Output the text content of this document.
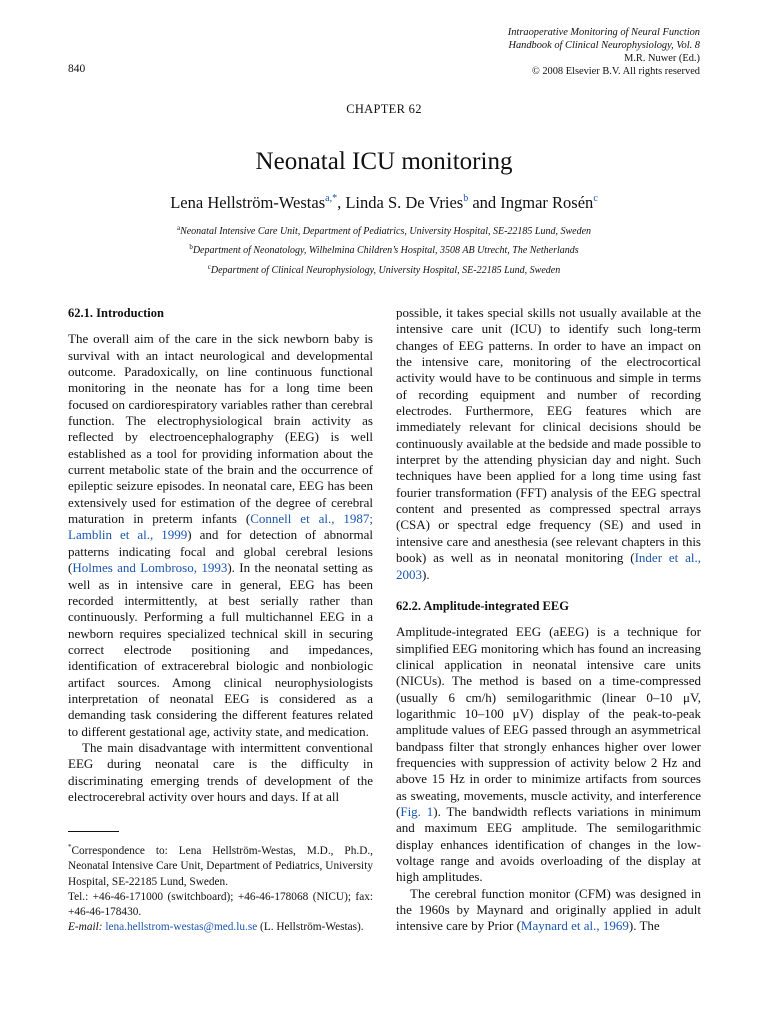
Intraoperative Monitoring of Neural Function
Handbook of Clinical Neurophysiology, Vol. 8
M.R. Nuwer (Ed.)
© 2008 Elsevier B.V. All rights reserved
840
CHAPTER 62
Neonatal ICU monitoring
Lena Hellström-Westas$^{a,*}$, Linda S. De Vries$^b$ and Ingmar Rosén$^c$
$^a$Neonatal Intensive Care Unit, Department of Pediatrics, University Hospital, SE-22185 Lund, Sweden
$^b$Department of Neonatology, Wilhelmina Children’s Hospital, 3508 AB Utrecht, The Netherlands
$^c$Department of Clinical Neurophysiology, University Hospital, SE-22185 Lund, Sweden

62.1. Introduction

The overall aim of the care in the sick newborn baby is survival with an intact neurological and developmental outcome. Paradoxically, on line continuous functional monitoring in the neonate has for a long time been focused on cardiorespiratory variables rather than cerebral function. The electrophysiological brain activity as reflected by electroencephalography (EEG) is well established as a tool for providing information about the current metabolic state of the brain and the occurrence of epileptic seizure episodes. In neonatal care, EEG has been extensively used for estimation of the degree of cerebral maturation in preterm infants (Connell et al., 1987; Lamblin et al., 1999) and for detection of abnormal patterns indicating focal and global cerebral lesions (Holmes and Lombroso, 1993). In the neonatal setting as well as in intensive care in general, EEG has been recorded intermittently, at best serially rather than continuously. Performing a full multichannel EEG in a newborn requires specialized technical skill in securing correct electrode positioning and impedances, identification of extracerebral biologic and nonbiologic artifact sources. Among clinical neurophysiologists interpretation of neonatal EEG is considered as a demanding task considering the different features related to different gestational age, activity state, and medication.

The main disadvantage with intermittent conventional EEG during neonatal care is the difficulty in discriminating emerging trends of development of the electrocerebral activity over hours and days. If at all

*Correspondence to: Lena Hellström-Westas, M.D., Ph.D., Neonatal Intensive Care Unit, Department of Pediatrics, University Hospital, SE-22185 Lund, Sweden.
Tel.: +46-46-171000 (switchboard); +46-46-178068 (NICU); fax: +46-46-178430.
E-mail: lena.hellstrom-westas@med.lu.se (L. Hellström-Westas).

possible, it takes special skills not usually available at the intensive care unit (ICU) to identify such long-term changes of EEG patterns. In order to have an impact on the intensive care, monitoring of the electrocortical activity would have to be continuous and simple in terms of recording equipment and number of recording electrodes. Furthermore, EEG features which are immediately relevant for clinical decisions should be continuously available at the bedside and made possible to interpret by the attending physician day and night. Such techniques have been applied for a long time using fast fourier transformation (FFT) analysis of the EEG spectral content and presented as compressed spectral arrays (CSA) or spectral edge frequency (SE) and used in intensive care and anesthesia (see relevant chapters in this book) as well as in neonatal monitoring (Inder et al., 2003).

62.2. Amplitude-integrated EEG

Amplitude-integrated EEG (aEEG) is a technique for simplified EEG monitoring which has found an increasing clinical application in neonatal intensive care units (NICUs). The method is based on a time-compressed (usually 6 cm/h) semilogarithmic (linear 0–10 μV, logarithmic 10–100 μV) display of the peak-to-peak amplitude values of EEG passed through an asymmetrical bandpass filter that strongly enhances higher over lower frequencies with suppression of activity below 2 Hz and above 15 Hz in order to minimize artifacts from sources as sweating, movements, muscle activity, and interference (Fig. 1). The bandwidth reflects variations in minimum and maximum EEG amplitude. The semilogarithmic display enhances identification of changes in the low-voltage range and avoids overloading of the display at high amplitudes.

The cerebral function monitor (CFM) was designed in the 1960s by Maynard and originally applied in adult intensive care by Prior (Maynard et al., 1969). The
